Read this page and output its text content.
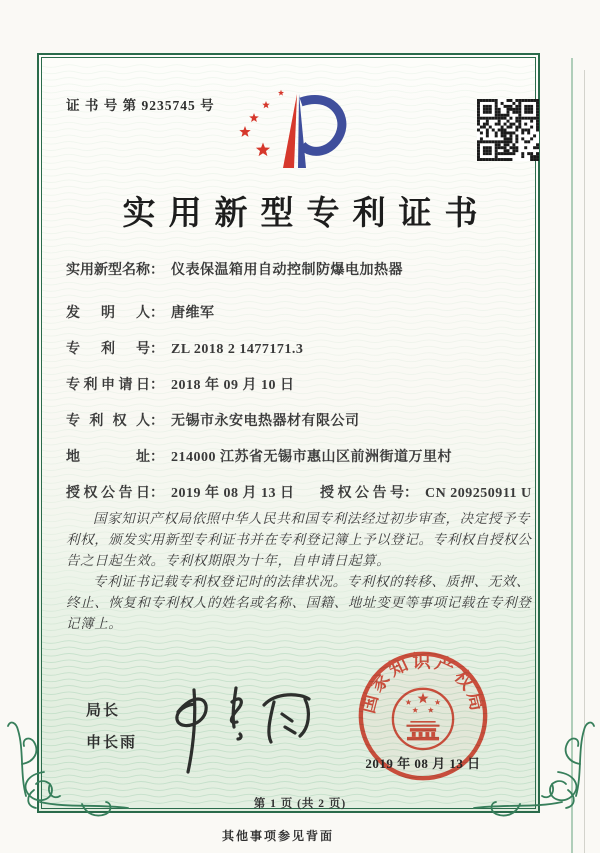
证 书 号 第 9235745 号
实用新型专利证书
实用新型名称： 仪表保温箱用自动控制防爆电加热器
发明人： 唐维军
专利号： ZL 2018 2 1477171.3
专利申请日： 2018 年 09 月 10 日
专利权人： 无锡市永安电热器材有限公司
地址： 214000 江苏省无锡市惠山区前洲街道万里村
授权公告日： 2019 年 08 月 13 日 授权公告号： CN 209250911 U

国家知识产权局依照中华人民共和国专利法经过初步审查，决定授予专利权，颁发实用新型专利证书并在专利登记簿上予以登记。专利权自授权公告之日起生效。专利权期限为十年，自申请日起算。

专利证书记载专利权登记时的法律状况。专利权的转移、质押、无效、终止、恢复和专利权人的姓名或名称、国籍、地址变更等事项记载在专利登记簿上。

局长
申长雨
国家知识产权局
2019 年 08 月 13 日
第 1 页 (共 2 页)
其他事项参见背面
